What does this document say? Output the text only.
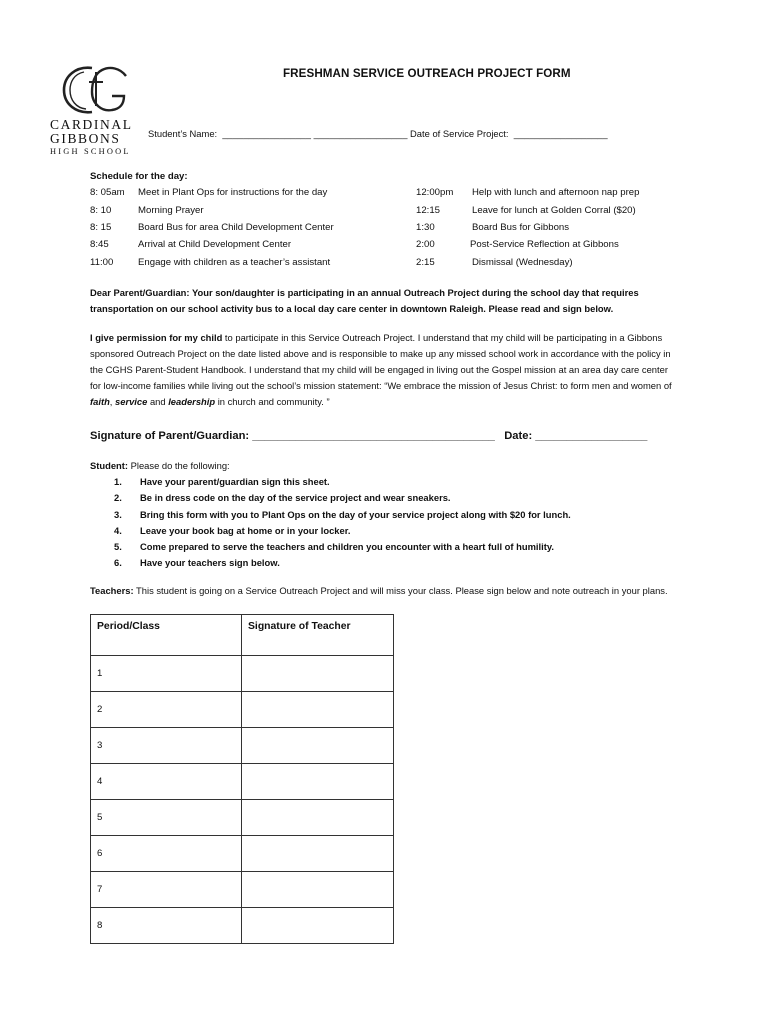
CARDINAL
GIBBONS
HIGH SCHOOL
FRESHMAN SERVICE OUTREACH PROJECT FORM
Student’s Name:  _________________ __________________ Date of Service Project:  __________________
Schedule for the day:
8: 05am Meet in Plant Ops for instructions for the day
8: 10	Morning Prayer
8: 15	Board Bus for area Child Development Center
8:45	Arrival at Child Development Center
11:00	Engage with children as a teacher’s assistant
12:00pm Help with lunch and afternoon nap prep
12:15	Leave for lunch at Golden Corral ($20)
1:30	Board Bus for Gibbons
2:00	Post-Service Reflection at Gibbons
2:15	Dismissal (Wednesday)
Dear Parent/Guardian: Your son/daughter is participating in an annual Outreach Project during the school day that requires transportation on our school activity bus to a local day care center in downtown Raleigh. Please read and sign below.
I give permission for my child to participate in this Service Outreach Project. I understand that my child will be participating in a Gibbons sponsored Outreach Project on the date listed above and is responsible to make up any missed school work in accordance with the policy in the CGHS Parent-Student Handbook. I understand that my child will be engaged in living out the Gospel mission at an area day care center for low-income families while living out the school’s mission statement: “We embrace the mission of Jesus Christ: to form men and women of faith, service and leadership in church and community. ”
Signature of Parent/Guardian: _______________________________________   Date: __________________
Student: Please do the following:
1. Have your parent/guardian sign this sheet.
2. Be in dress code on the day of the service project and wear sneakers.
3. Bring this form with you to Plant Ops on the day of your service project along with $20 for lunch.
4. Leave your book bag at home or in your locker.
5. Come prepared to serve the teachers and children you encounter with a heart full of humility.
6. Have your teachers sign below.
Teachers: This student is going on a Service Outreach Project and will miss your class. Please sign below and note outreach in your plans.
Period/Class	Signature of Teacher
1	
2	
3	
4	
5	
6	
7	
8	
